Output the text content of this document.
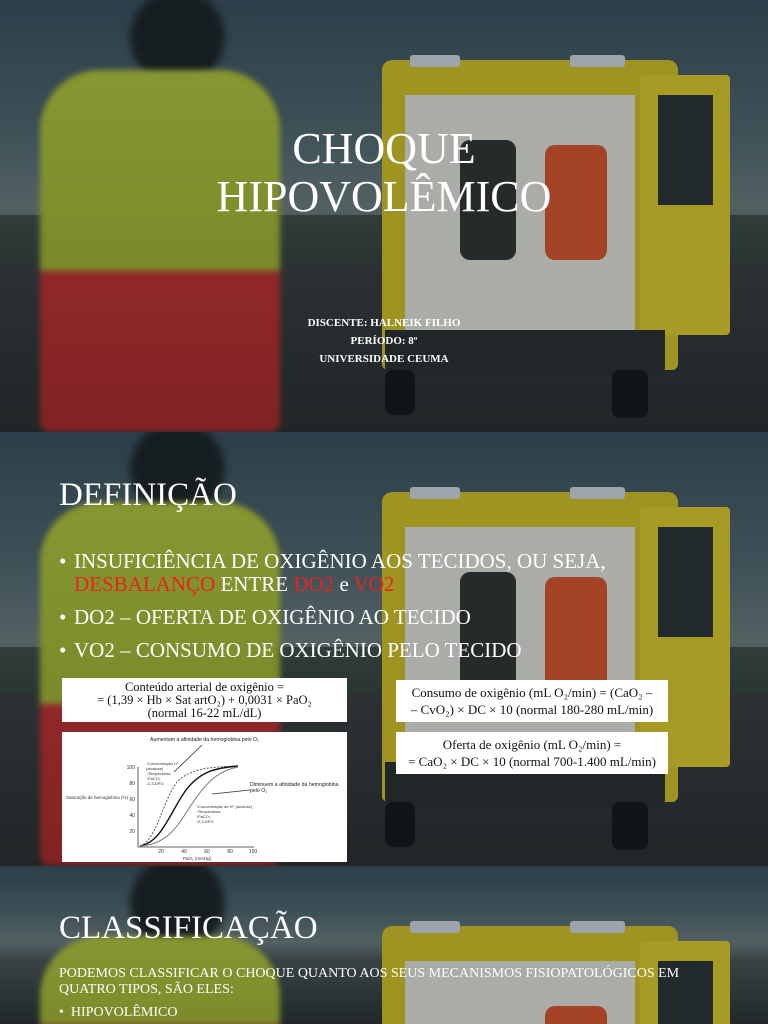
CHOQUE
HIPOVOLÊMICO
DISCENTE: HALNEIK FILHO
PERÍODO: 8º
UNIVERSIDADE CEUMA
DEFINIÇÃO
• INSUFICIÊNCIA DE OXIGÊNIO AOS TECIDOS, OU SEJA,
DESBALANÇO ENTRE DO2 e VO2
• DO2 – OFERTA DE OXIGÊNIO AO TECIDO
• VO2 – CONSUMO DE OXIGÊNIO PELO TECIDO
Conteúdo arterial de oxigênio =
= (1,39 × Hb × Sat artO₂) + 0,0031 × PaO₂
(normal 16-22 mL/dL)
Consumo de oxigênio (mL O₂/min) = (CaO₂ –
– CvO₂) × DC × 10 (normal 180-280 mL/min)
Oferta de oxigênio (mL O₂/min) =
= CaO₂ × DC × 10 (normal 700-1.400 mL/min)
100
80
60
40
20
20	40	60	80	100
PaO₂ (mmHg)
Saturação de hemoglobina (%)
Aumentam a afinidade da hemoglobina pelo O₂
↓Concentração H⁺
(alcalose)
↓Temperatura
↓PaCO₂
↓2,3-DPG	Diminuem a afinidade da hemoglobina pelo O₂
↑Concentração de H⁺ (acidose)
↑Temperatura
↑PaCO₂
↑2,3-DPG
CLASSIFICAÇÃO
PODEMOS CLASSIFICAR O CHOQUE QUANTO AOS SEUS MECANISMOS FISIOPATOLÓGICOS EM QUATRO TIPOS, SÃO ELES:
•  HIPOVOLÊMICO
